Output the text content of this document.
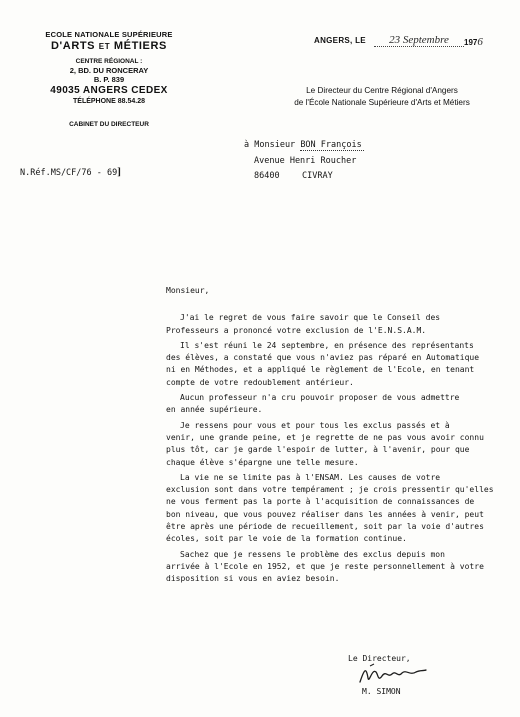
ECOLE NATIONALE SUPÉRIEURE
D'ARTS ET MÉTIERS
CENTRE RÉGIONAL :
2, BD. DU RONCERAY
B. P. 839
49035 ANGERS CEDEX
TÉLÉPHONE 88.54.28
CABINET DU DIRECTEUR
ANGERS, LE	23 Septembre	1976
Le Directeur du Centre Régional d'Angers
de l'École Nationale Supérieure d'Arts et Métiers
à Monsieur BON François
Avenue Henri Roucher
86400	CIVRAY
N.Réf.MS/CF/76 - 69]
Monsieur,

J'ai le regret de vous faire savoir que le Conseil des
Professeurs a prononcé votre exclusion de l'E.N.S.A.M.

Il s'est réuni le 24 septembre, en présence des représentants
des élèves, a constaté que vous n'aviez pas réparé en Automatique
ni en Méthodes, et a appliqué le règlement de l'Ecole, en tenant
compte de votre redoublement antérieur.

Aucun professeur n'a cru pouvoir proposer de vous admettre
en année supérieure.

Je ressens pour vous et pour tous les exclus passés et à
venir, une grande peine, et je regrette de ne pas vous avoir connu
plus tôt, car je garde l'espoir de lutter, à l'avenir, pour que
chaque élève s'épargne une telle mesure.

La vie ne se limite pas à l'ENSAM. Les causes de votre
exclusion sont dans votre tempérament ; je crois pressentir qu'elles
ne vous ferment pas la porte à l'acquisition de connaissances de
bon niveau, que vous pouvez réaliser dans les années à venir, peut
être après une période de recueillement, soit par la voie d'autres
écoles, soit par le voie de la formation continue.

Sachez que je ressens le problème des exclus depuis mon
arrivée à l'Ecole en 1952, et que je reste personnellement à votre
disposition si vous en aviez besoin.

Le Directeur,
M. SIMON
